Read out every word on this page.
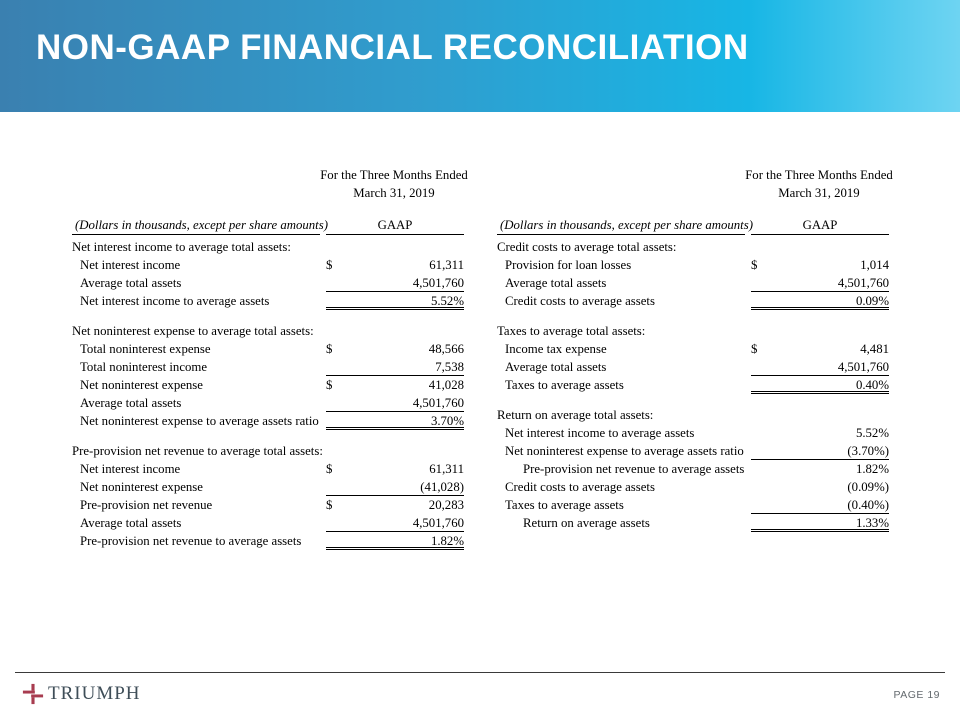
NON-GAAP FINANCIAL RECONCILIATION
For the Three Months Ended
March 31, 2019
(Dollars in thousands, except per share amounts)	GAAP
Net interest income to average total assets:
Net interest income	$	61,311
Average total assets	4,501,760
Net interest income to average assets	5.52%
Net noninterest expense to average total assets:
Total noninterest expense	$	48,566
Total noninterest income	7,538
Net noninterest expense	$	41,028
Average total assets	4,501,760
Net noninterest expense to average assets ratio	3.70%
Pre-provision net revenue to average total assets:
Net interest income	$	61,311
Net noninterest expense	(41,028)
Pre-provision net revenue	$	20,283
Average total assets	4,501,760
Pre-provision net revenue to average assets	1.82%
For the Three Months Ended
March 31, 2019
(Dollars in thousands, except per share amounts)	GAAP
Credit costs to average total assets:
Provision for loan losses	$	1,014
Average total assets	4,501,760
Credit costs to average assets	0.09%
Taxes to average total assets:
Income tax expense	$	4,481
Average total assets	4,501,760
Taxes to average assets	0.40%
Return on average total assets:
Net interest income to average assets	5.52%
Net noninterest expense to average assets ratio	(3.70%)
Pre-provision net revenue to average assets	1.82%
Credit costs to average assets	(0.09%)
Taxes to average assets	(0.40%)
Return on average assets	1.33%
TRIUMPH	PAGE 19
